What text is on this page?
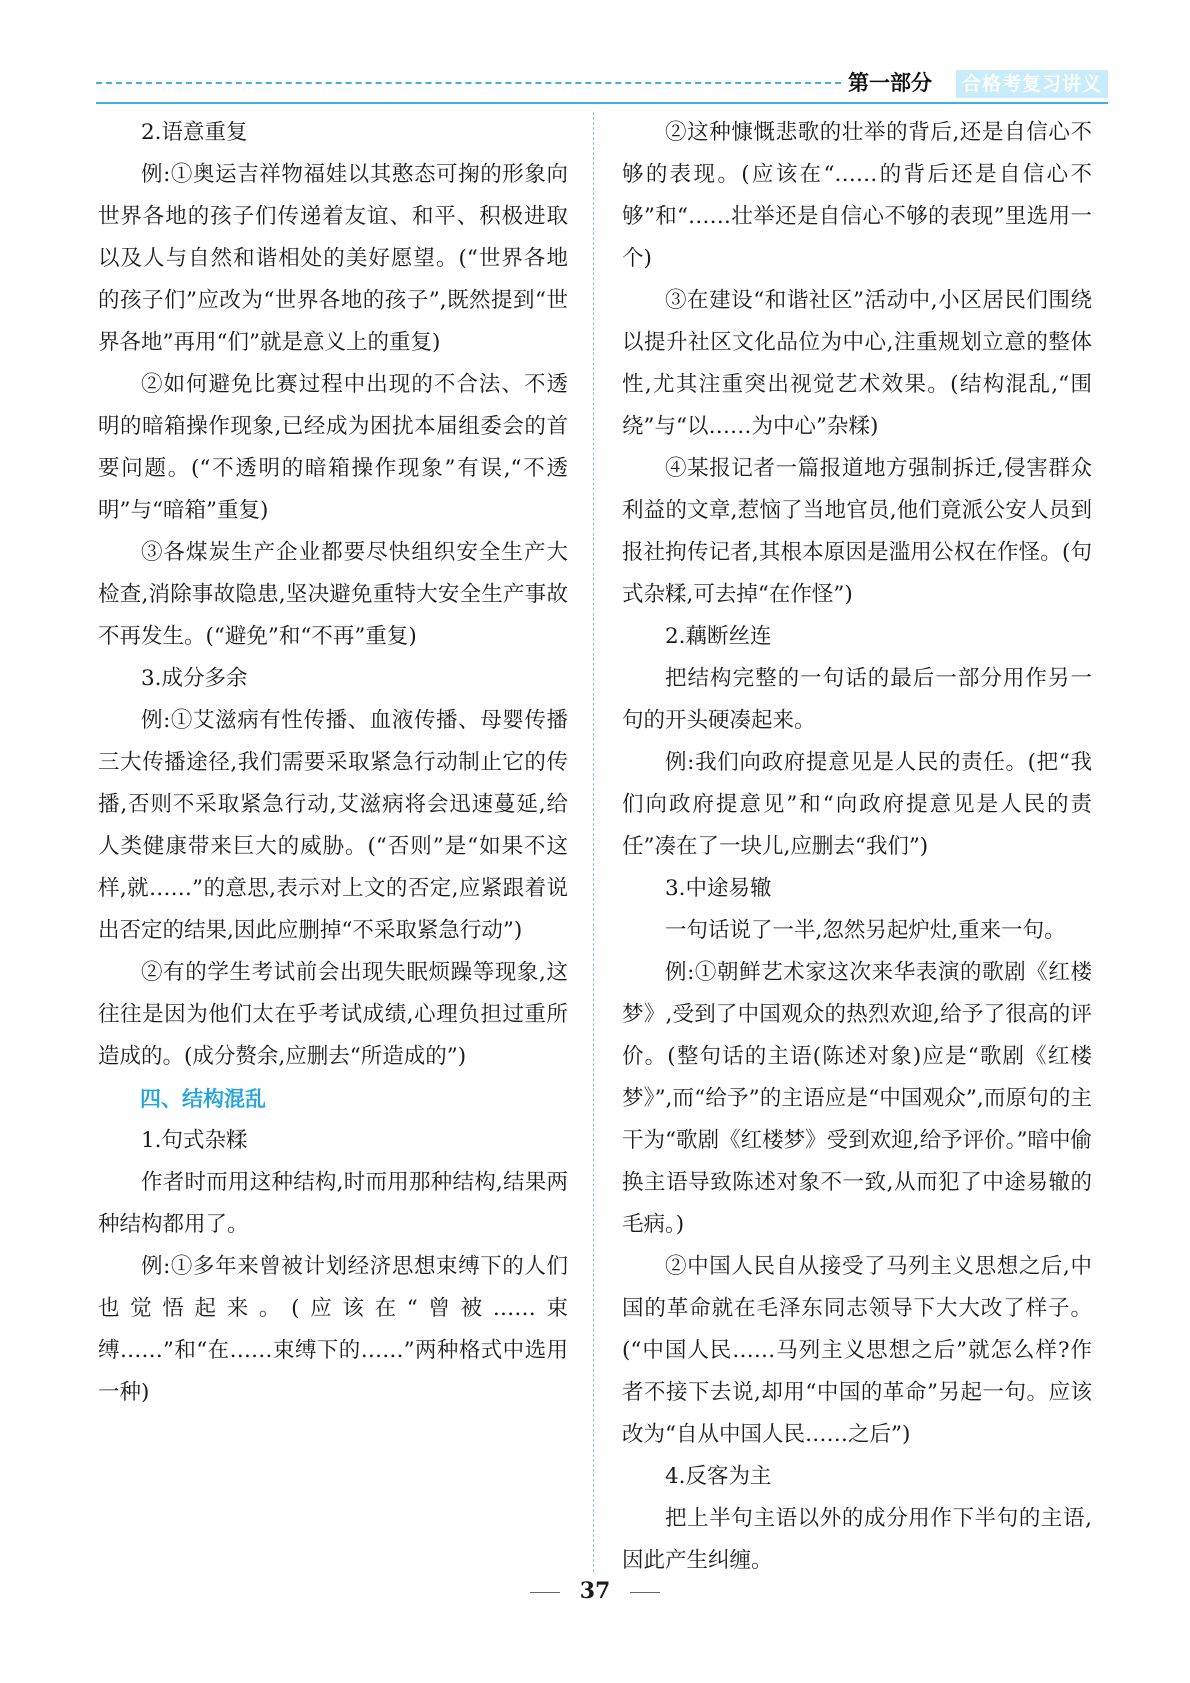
第一部分	合格考复习讲义

2.语意重复

例:①奥运吉祥物福娃以其憨态可掬的形象向世界各地的孩子们传递着友谊、和平、积极进取以及人与自然和谐相处的美好愿望。(“世界各地的孩子们”应改为“世界各地的孩子”,既然提到“世界各地”再用“们”就是意义上的重复)

②如何避免比赛过程中出现的不合法、不透明的暗箱操作现象,已经成为困扰本届组委会的首要问题。(“不透明的暗箱操作现象”有误,“不透明”与“暗箱”重复)

③各煤炭生产企业都要尽快组织安全生产大检查,消除事故隐患,坚决避免重特大安全生产事故不再发生。(“避免”和“不再”重复)

3.成分多余

例:①艾滋病有性传播、血液传播、母婴传播三大传播途径,我们需要采取紧急行动制止它的传播,否则不采取紧急行动,艾滋病将会迅速蔓延,给人类健康带来巨大的威胁。(“否则”是“如果不这样,就……”的意思,表示对上文的否定,应紧跟着说出否定的结果,因此应删掉“不采取紧急行动”)

②有的学生考试前会出现失眠烦躁等现象,这往往是因为他们太在乎考试成绩,心理负担过重所造成的。(成分赘余,应删去“所造成的”)

四、结构混乱

1.句式杂糅

作者时而用这种结构,时而用那种结构,结果两种结构都用了。

例:①多年来曾被计划经济思想束缚下的人们也觉悟起来。(应该在“曾被……束缚……”和“在……束缚下的……”两种格式中选用一种)

②这种慷慨悲歌的壮举的背后,还是自信心不够的表现。(应该在“……的背后还是自信心不够”和“……壮举还是自信心不够的表现”里选用一个)

③在建设“和谐社区”活动中,小区居民们围绕以提升社区文化品位为中心,注重规划立意的整体性,尤其注重突出视觉艺术效果。(结构混乱,“围绕”与“以……为中心”杂糅)

④某报记者一篇报道地方强制拆迁,侵害群众利益的文章,惹恼了当地官员,他们竟派公安人员到报社拘传记者,其根本原因是滥用公权在作怪。(句式杂糅,可去掉“在作怪”)

2.藕断丝连

把结构完整的一句话的最后一部分用作另一句的开头硬凑起来。

例:我们向政府提意见是人民的责任。(把“我们向政府提意见”和“向政府提意见是人民的责任”凑在了一块儿,应删去“我们”)

3.中途易辙

一句话说了一半,忽然另起炉灶,重来一句。

例:①朝鲜艺术家这次来华表演的歌剧《红楼梦》,受到了中国观众的热烈欢迎,给予了很高的评价。(整句话的主语(陈述对象)应是“歌剧《红楼梦》”,而“给予”的主语应是“中国观众”,而原句的主干为“歌剧《红楼梦》受到欢迎,给予评价。”暗中偷换主语导致陈述对象不一致,从而犯了中途易辙的毛病。)

②中国人民自从接受了马列主义思想之后,中国的革命就在毛泽东同志领导下大大改了样子。(“中国人民……马列主义思想之后”就怎么样?作者不接下去说,却用“中国的革命”另起一句。应该改为“自从中国人民……之后”)

4.反客为主

把上半句主语以外的成分用作下半句的主语,因此产生纠缠。

37
